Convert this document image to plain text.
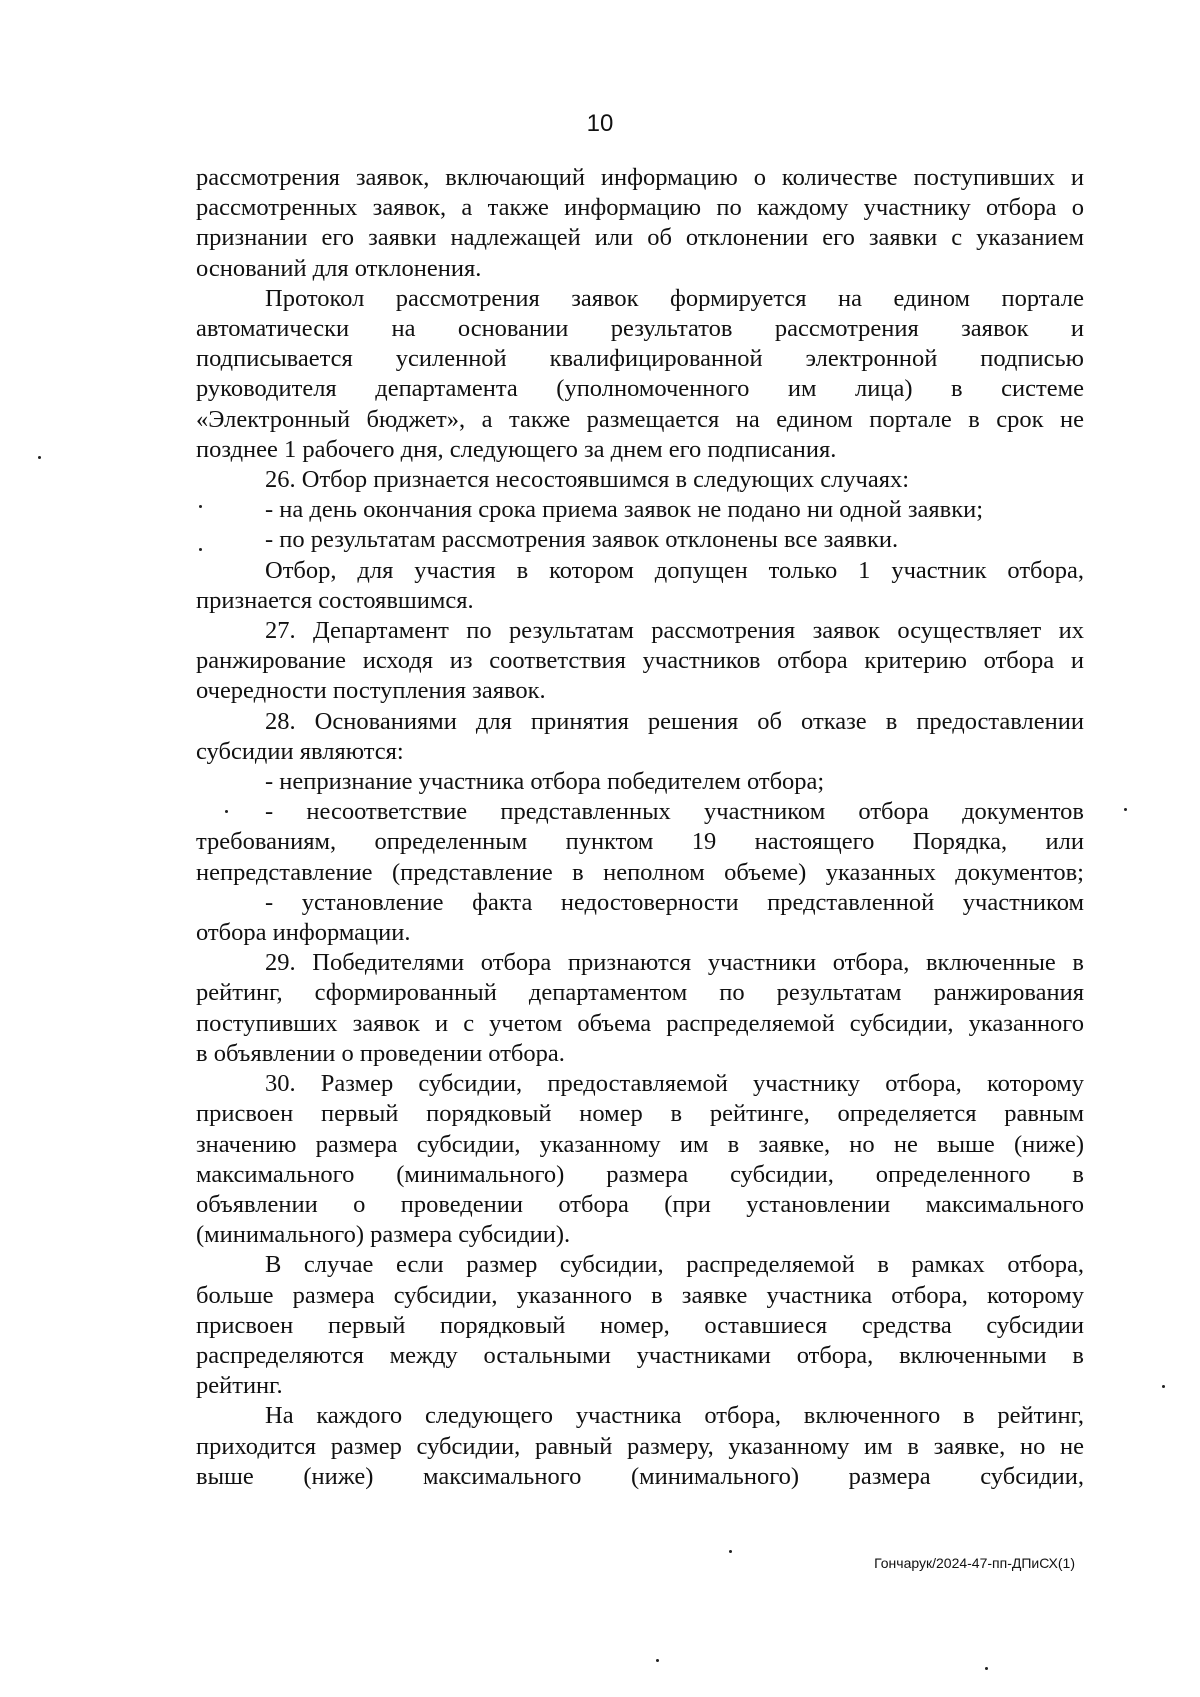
10
рассмотрения заявок, включающий информацию о количестве поступивших и
рассмотренных заявок, а также информацию по каждому участнику отбора о
признании его заявки надлежащей или об отклонении его заявки с указанием
оснований для отклонения.
Протокол рассмотрения заявок формируется на едином портале
автоматически на основании результатов рассмотрения заявок и
подписывается усиленной квалифицированной электронной подписью
руководителя департамента (уполномоченного им лица) в системе
«Электронный бюджет», а также размещается на едином портале в срок не
позднее 1 рабочего дня, следующего за днем его подписания.
26. Отбор признается несостоявшимся в следующих случаях:
- на день окончания срока приема заявок не подано ни одной заявки;
- по результатам рассмотрения заявок отклонены все заявки.
Отбор, для участия в котором допущен только 1 участник отбора,
признается состоявшимся.
27. Департамент по результатам рассмотрения заявок осуществляет их
ранжирование исходя из соответствия участников отбора критерию отбора и
очередности поступления заявок.
28. Основаниями для принятия решения об отказе в предоставлении
субсидии являются:
- непризнание участника отбора победителем отбора;
- несоответствие представленных участником отбора документов
требованиям, определенным пунктом 19 настоящего Порядка, или
непредставление (представление в неполном объеме) указанных документов;
- установление факта недостоверности представленной участником
отбора информации.
29. Победителями отбора признаются участники отбора, включенные в
рейтинг, сформированный департаментом по результатам ранжирования
поступивших заявок и с учетом объема распределяемой субсидии, указанного
в объявлении о проведении отбора.
30. Размер субсидии, предоставляемой участнику отбора, которому
присвоен первый порядковый номер в рейтинге, определяется равным
значению размера субсидии, указанному им в заявке, но не выше (ниже)
максимального (минимального) размера субсидии, определенного в
объявлении о проведении отбора (при установлении максимального
(минимального) размера субсидии).
В случае если размер субсидии, распределяемой в рамках отбора,
больше размера субсидии, указанного в заявке участника отбора, которому
присвоен первый порядковый номер, оставшиеся средства субсидии
распределяются между остальными участниками отбора, включенными в
рейтинг.
На каждого следующего участника отбора, включенного в рейтинг,
приходится размер субсидии, равный размеру, указанному им в заявке, но не
выше (ниже) максимального (минимального) размера субсидии,
Гончарук/2024-47-пп-ДПиСХ(1)
